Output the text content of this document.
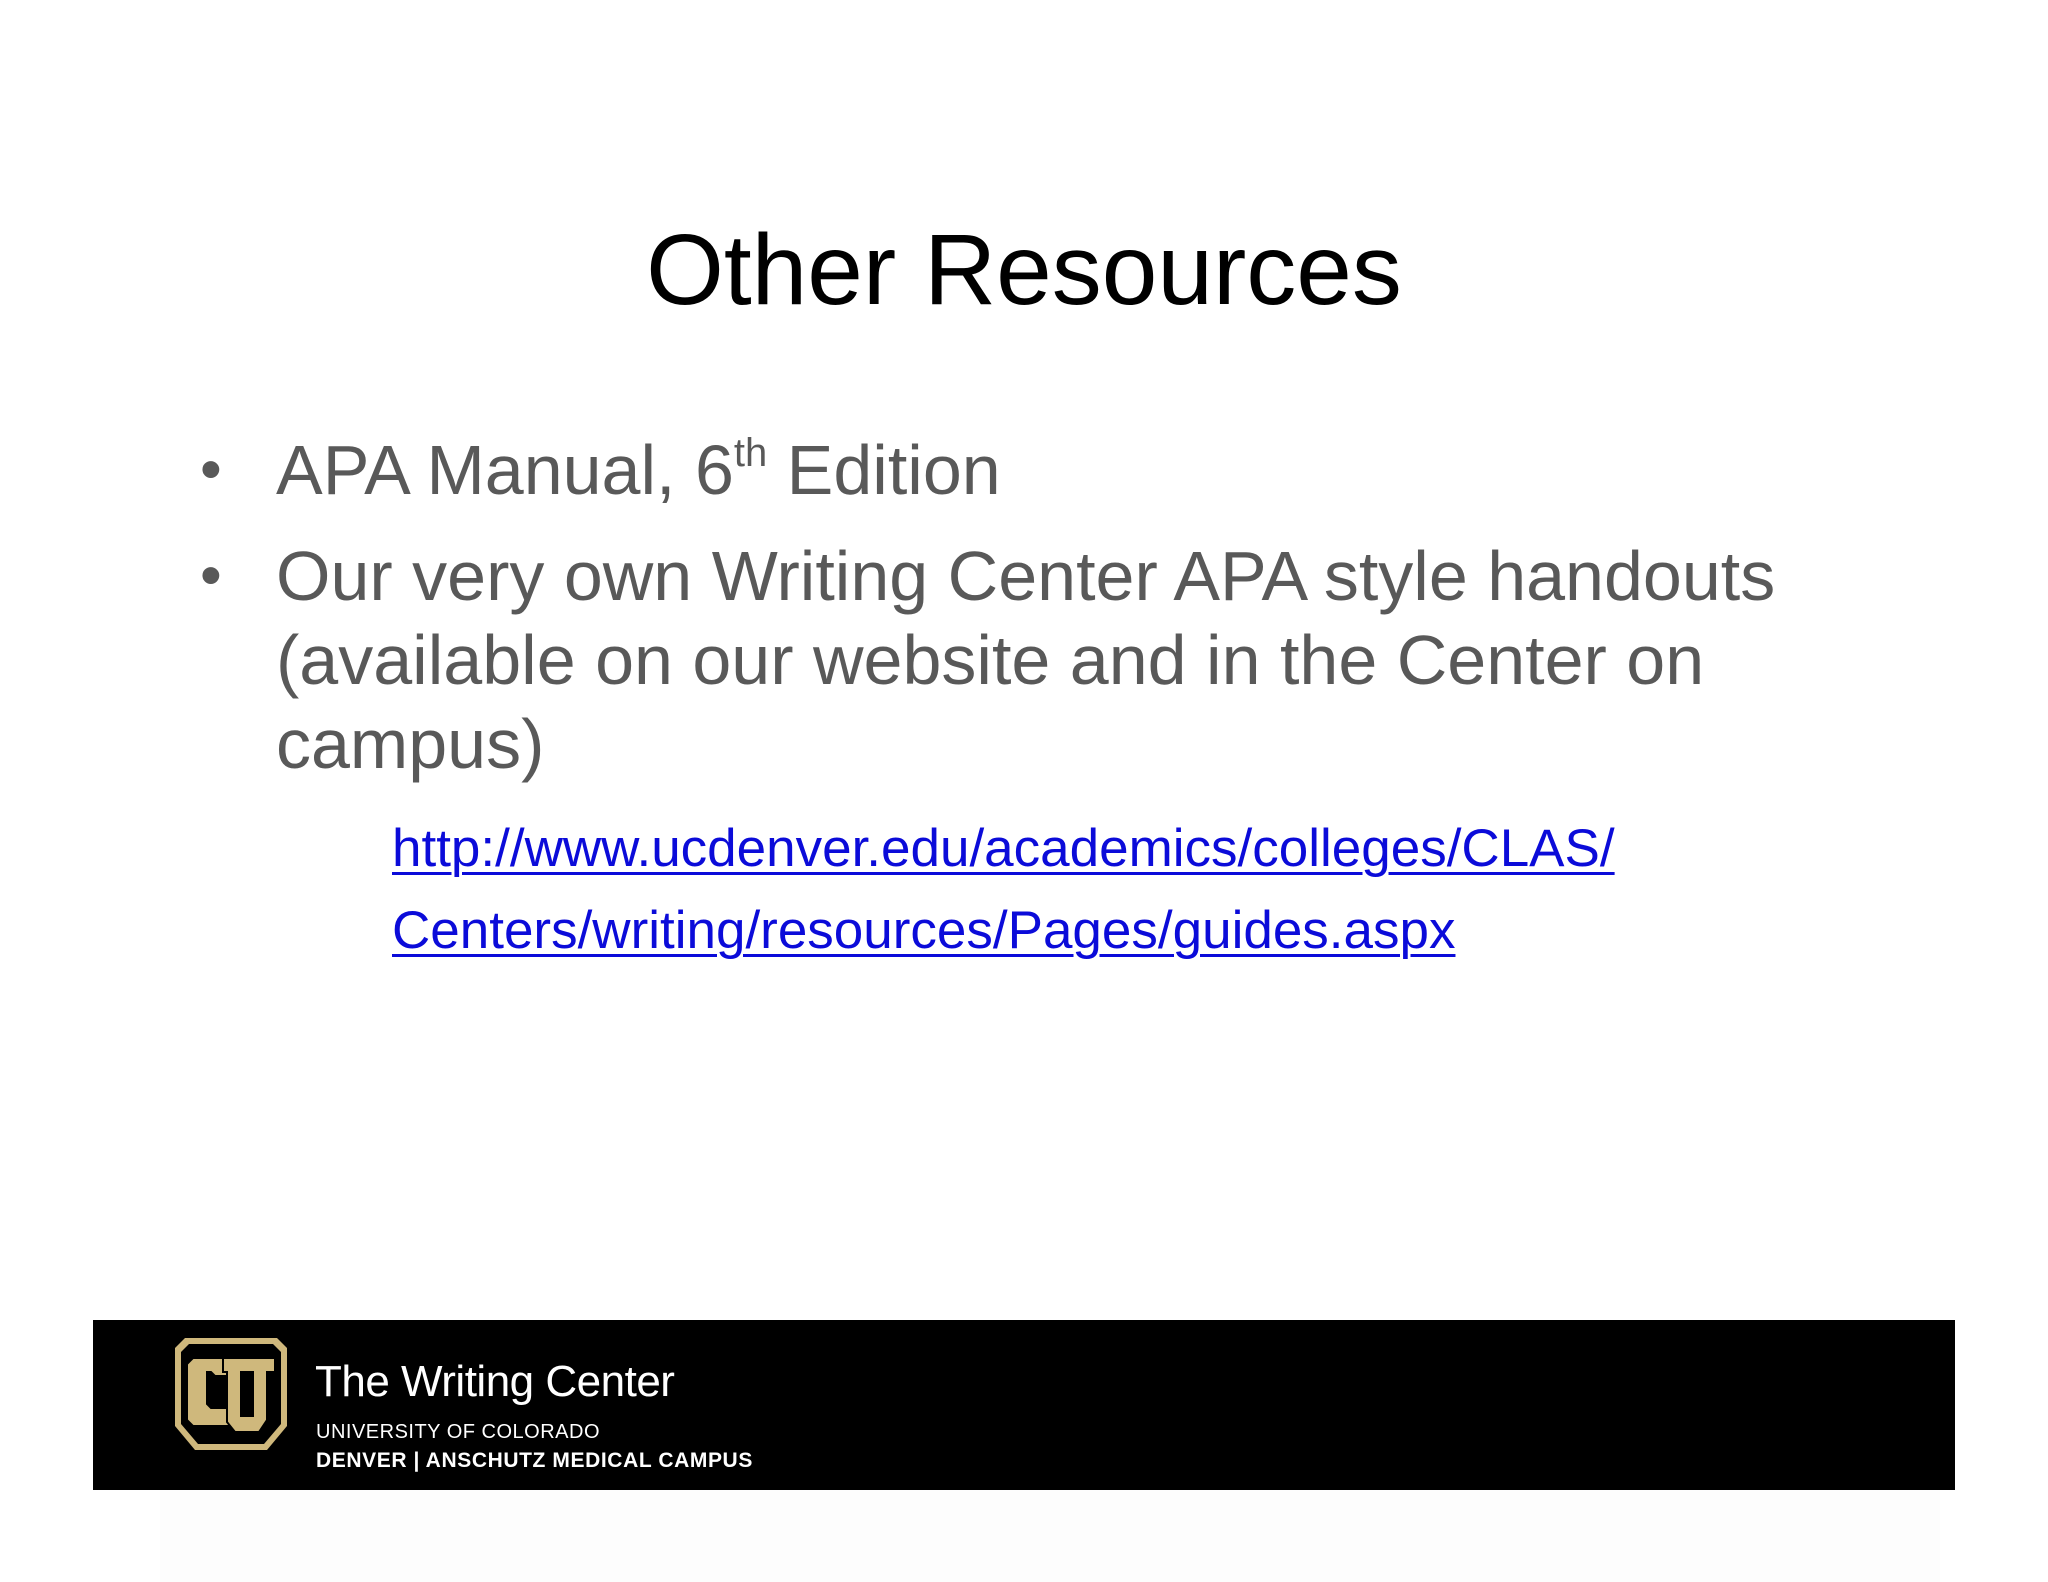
Other Resources
• APA Manual, 6th Edition
• Our very own Writing Center APA style handouts (available on our website and in the Center on campus)
http://www.ucdenver.edu/academics/colleges/CLAS/
Centers/writing/resources/Pages/guides.aspx
The Writing Center
UNIVERSITY OF COLORADO
DENVER | ANSCHUTZ MEDICAL CAMPUS
